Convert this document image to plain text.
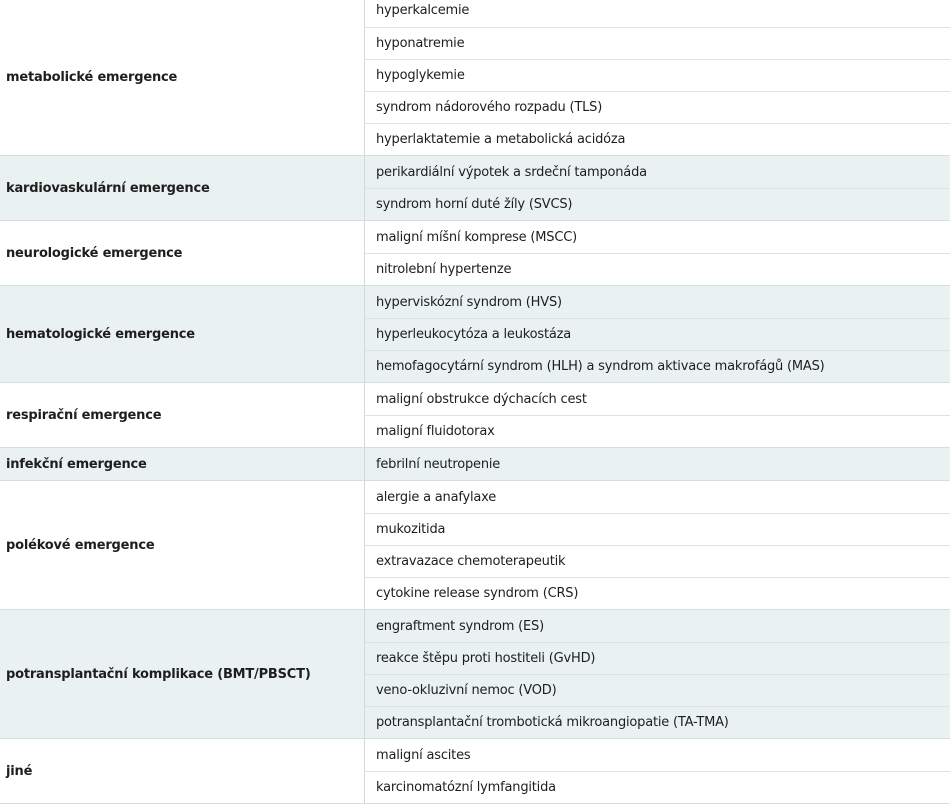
metabolické emergence
hyperkalcemie
hyponatremie
hypoglykemie
syndrom nádorového rozpadu (TLS)
hyperlaktatemie a metabolická acidóza
kardiovaskulární emergence
perikardiální výpotek a srdeční tamponáda
syndrom horní duté žíly (SVCS)
neurologické emergence
maligní míšní komprese (MSCC)
nitrolební hypertenze
hematologické emergence
hyperviskózní syndrom (HVS)
hyperleukocytóza a leukostáza
hemofagocytární syndrom (HLH) a syndrom aktivace makrofágů (MAS)
respirační emergence
maligní obstrukce dýchacích cest
maligní fluidotorax
infekční emergence	febrilní neutropenie
polékové emergence
alergie a anafylaxe
mukozitida
extravazace chemoterapeutik
cytokine release syndrom (CRS)
potransplantační komplikace (BMT/PBSCT)
engraftment syndrom (ES)
reakce štěpu proti hostiteli (GvHD)
veno-okluzivní nemoc (VOD)
potransplantační trombotická mikroangiopatie (TA-TMA)
jiné
maligní ascites
karcinomatózní lymfangitida
